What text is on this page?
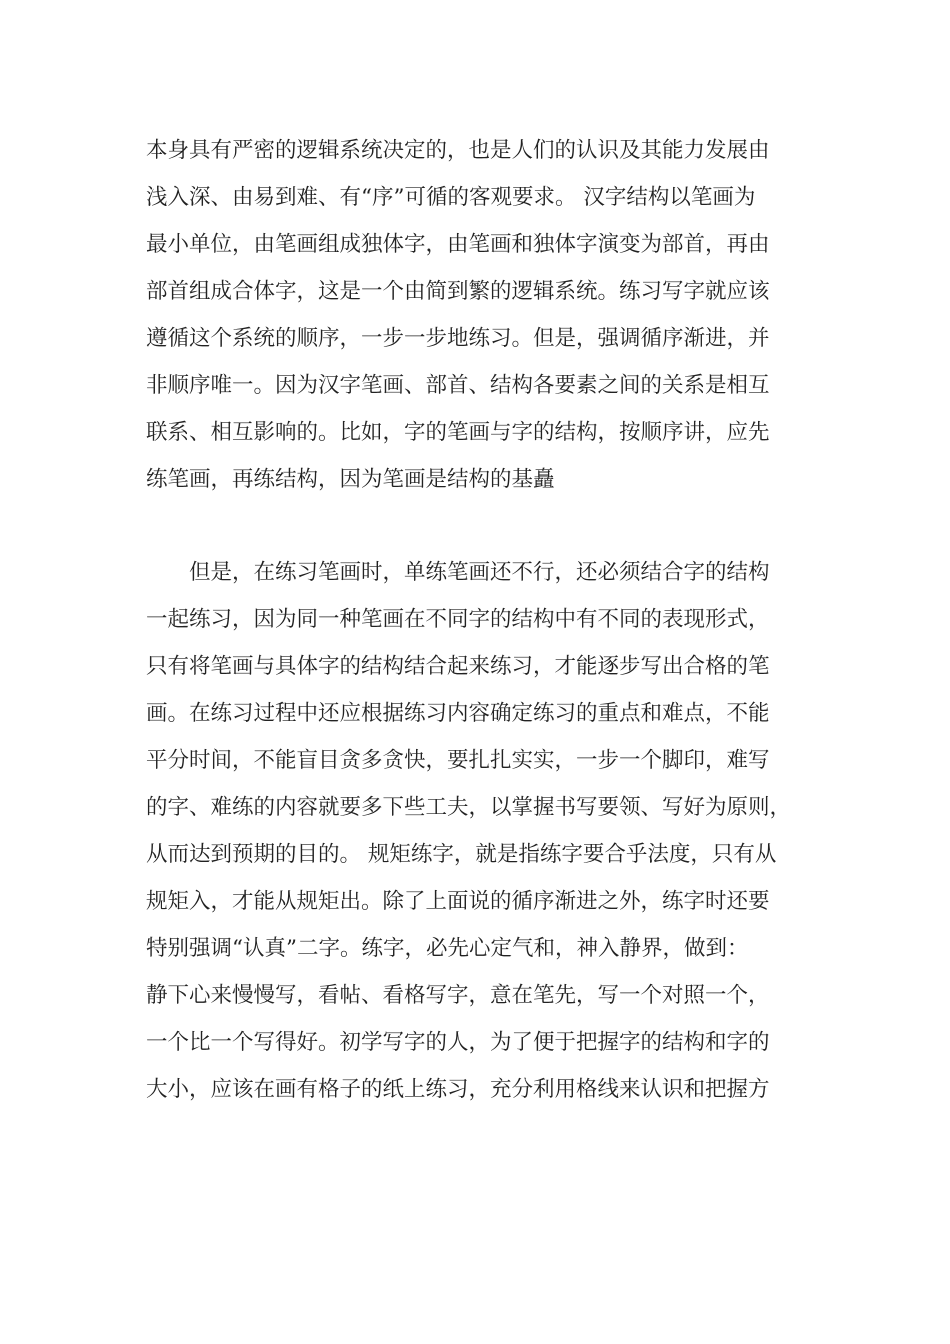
本身具有严密的逻辑系统决定的，也是人们的认识及其能力发展由
浅入深、由易到难、有“序”可循的客观要求。 汉字结构以笔画为
最小单位，由笔画组成独体字，由笔画和独体字演变为部首，再由
部首组成合体字，这是一个由简到繁的逻辑系统。练习写字就应该
遵循这个系统的顺序，一步一步地练习。但是，强调循序渐进，并
非顺序唯一。因为汉字笔画、部首、结构各要素之间的关系是相互
联系、相互影响的。比如，字的笔画与字的结构，按顺序讲，应先
练笔画，再练结构，因为笔画是结构的基矗
　　但是，在练习笔画时，单练笔画还不行，还必须结合字的结构
一起练习，因为同一种笔画在不同字的结构中有不同的表现形式，
只有将笔画与具体字的结构结合起来练习，才能逐步写出合格的笔
画。在练习过程中还应根据练习内容确定练习的重点和难点，不能
平分时间，不能盲目贪多贪快，要扎扎实实，一步一个脚印，难写
的字、难练的内容就要多下些工夫，以掌握书写要领、写好为原则，
从而达到预期的目的。 规矩练字，就是指练字要合乎法度，只有从
规矩入，才能从规矩出。除了上面说的循序渐进之外，练字时还要
特别强调“认真”二字。练字，必先心定气和，神入静界，做到：
静下心来慢慢写，看帖、看格写字，意在笔先，写一个对照一个，
一个比一个写得好。初学写字的人，为了便于把握字的结构和字的
大小，应该在画有格子的纸上练习，充分利用格线来认识和把握方
